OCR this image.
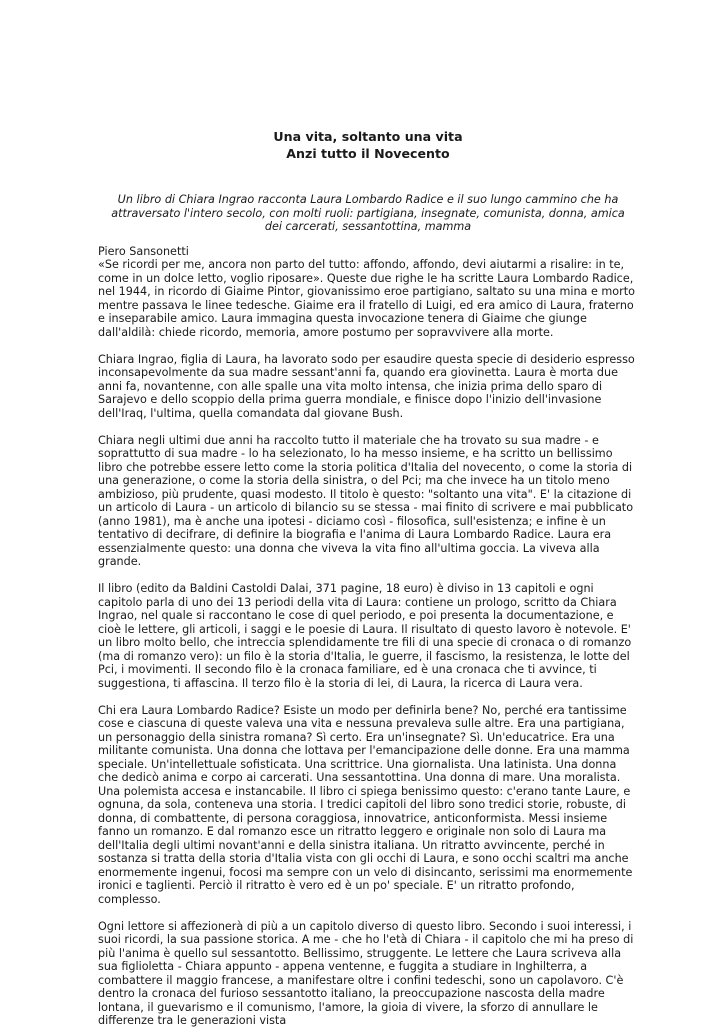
Una vita, soltanto una vita
Anzi tutto il Novecento
Un libro di Chiara Ingrao racconta Laura Lombardo Radice e il suo lungo cammino che ha attraversato l'intero secolo, con molti ruoli: partigiana, insegnate, comunista, donna, amica dei carcerati, sessantottina, mamma
Piero Sansonetti

«Se ricordi per me, ancora non parto del tutto: affondo, affondo, devi aiutarmi a risalire: in te, come in un dolce letto, voglio riposare». Queste due righe le ha scritte Laura Lombardo Radice, nel 1944, in ricordo di Giaime Pintor, giovanissimo eroe partigiano, saltato su una mina e morto mentre passava le linee tedesche. Giaime era il fratello di Luigi, ed era amico di Laura, fraterno e inseparabile amico. Laura immagina questa invocazione tenera di Giaime che giunge dall'aldilà: chiede ricordo, memoria, amore postumo per sopravvivere alla morte.

Chiara Ingrao, figlia di Laura, ha lavorato sodo per esaudire questa specie di desiderio espresso inconsapevolmente da sua madre sessant'anni fa, quando era giovinetta. Laura è morta due anni fa, novantenne, con alle spalle una vita molto intensa, che inizia prima dello sparo di Sarajevo e dello scoppio della prima guerra mondiale, e finisce dopo l'inizio dell'invasione dell'Iraq, l'ultima, quella comandata dal giovane Bush.

Chiara negli ultimi due anni ha raccolto tutto il materiale che ha trovato su sua madre - e soprattutto di sua madre - lo ha selezionato, lo ha messo insieme, e ha scritto un bellissimo libro che potrebbe essere letto come la storia politica d'Italia del novecento, o come la storia di una generazione, o come la storia della sinistra, o del Pci; ma che invece ha un titolo meno ambizioso, più prudente, quasi modesto. Il titolo è questo: "soltanto una vita". E' la citazione di un articolo di Laura - un articolo di bilancio su se stessa - mai finito di scrivere e mai pubblicato (anno 1981), ma è anche una ipotesi - diciamo così - filosofica, sull'esistenza; e infine è un tentativo di decifrare, di definire la biografia e l'anima di Laura Lombardo Radice. Laura era essenzialmente questo: una donna che viveva la vita fino all'ultima goccia. La viveva alla grande.

Il libro (edito da Baldini Castoldi Dalai, 371 pagine, 18 euro) è diviso in 13 capitoli e ogni capitolo parla di uno dei 13 periodi della vita di Laura: contiene un prologo, scritto da Chiara Ingrao, nel quale si raccontano le cose di quel periodo, e poi presenta la documentazione, e cioè le lettere, gli articoli, i saggi e le poesie di Laura. Il risultato di questo lavoro è notevole. E' un libro molto bello, che intreccia splendidamente tre fili di una specie di cronaca o di romanzo (ma di romanzo vero): un filo è la storia d'Italia, le guerre, il fascismo, la resistenza, le lotte del Pci, i movimenti. Il secondo filo è la cronaca familiare, ed è una cronaca che ti avvince, ti suggestiona, ti affascina. Il terzo filo è la storia di lei, di Laura, la ricerca di Laura vera.

Chi era Laura Lombardo Radice? Esiste un modo per definirla bene? No, perché era tantissime cose e ciascuna di queste valeva una vita e nessuna prevaleva sulle altre. Era una partigiana, un personaggio della sinistra romana? Sì certo. Era un'insegnate? Sì. Un'educatrice. Era una militante comunista. Una donna che lottava per l'emancipazione delle donne. Era una mamma speciale. Un'intellettuale sofisticata. Una scrittrice. Una giornalista. Una latinista. Una donna che dedicò anima e corpo ai carcerati. Una sessantottina. Una donna di mare. Una moralista. Una polemista accesa e instancabile. Il libro ci spiega benissimo questo: c'erano tante Laure, e ognuna, da sola, conteneva una storia. I tredici capitoli del libro sono tredici storie, robuste, di donna, di combattente, di persona coraggiosa, innovatrice, anticonformista. Messi insieme fanno un romanzo. E dal romanzo esce un ritratto leggero e originale non solo di Laura ma dell'Italia degli ultimi novant'anni e della sinistra italiana. Un ritratto avvincente, perché in sostanza si tratta della storia d'Italia vista con gli occhi di Laura, e sono occhi scaltri ma anche enormemente ingenui, focosi ma sempre con un velo di disincanto, serissimi ma enormemente ironici e taglienti. Perciò il ritratto è vero ed è un po' speciale. E' un ritratto profondo, complesso.

Ogni lettore si affezionerà di più a un capitolo diverso di questo libro. Secondo i suoi interessi, i suoi ricordi, la sua passione storica. A me - che ho l'età di Chiara - il capitolo che mi ha preso di più l'anima è quello sul sessantotto. Bellissimo, struggente. Le lettere che Laura scriveva alla sua figlioletta - Chiara appunto - appena ventenne, e fuggita a studiare in Inghilterra, a combattere il maggio francese, a manifestare oltre i confini tedeschi, sono un capolavoro. C'è dentro la cronaca del furioso sessantotto italiano, la preoccupazione nascosta della madre lontana, il guevarismo e il comunismo, l'amore, la gioia di vivere, la sforzo di annullare le differenze tra le generazioni vista
